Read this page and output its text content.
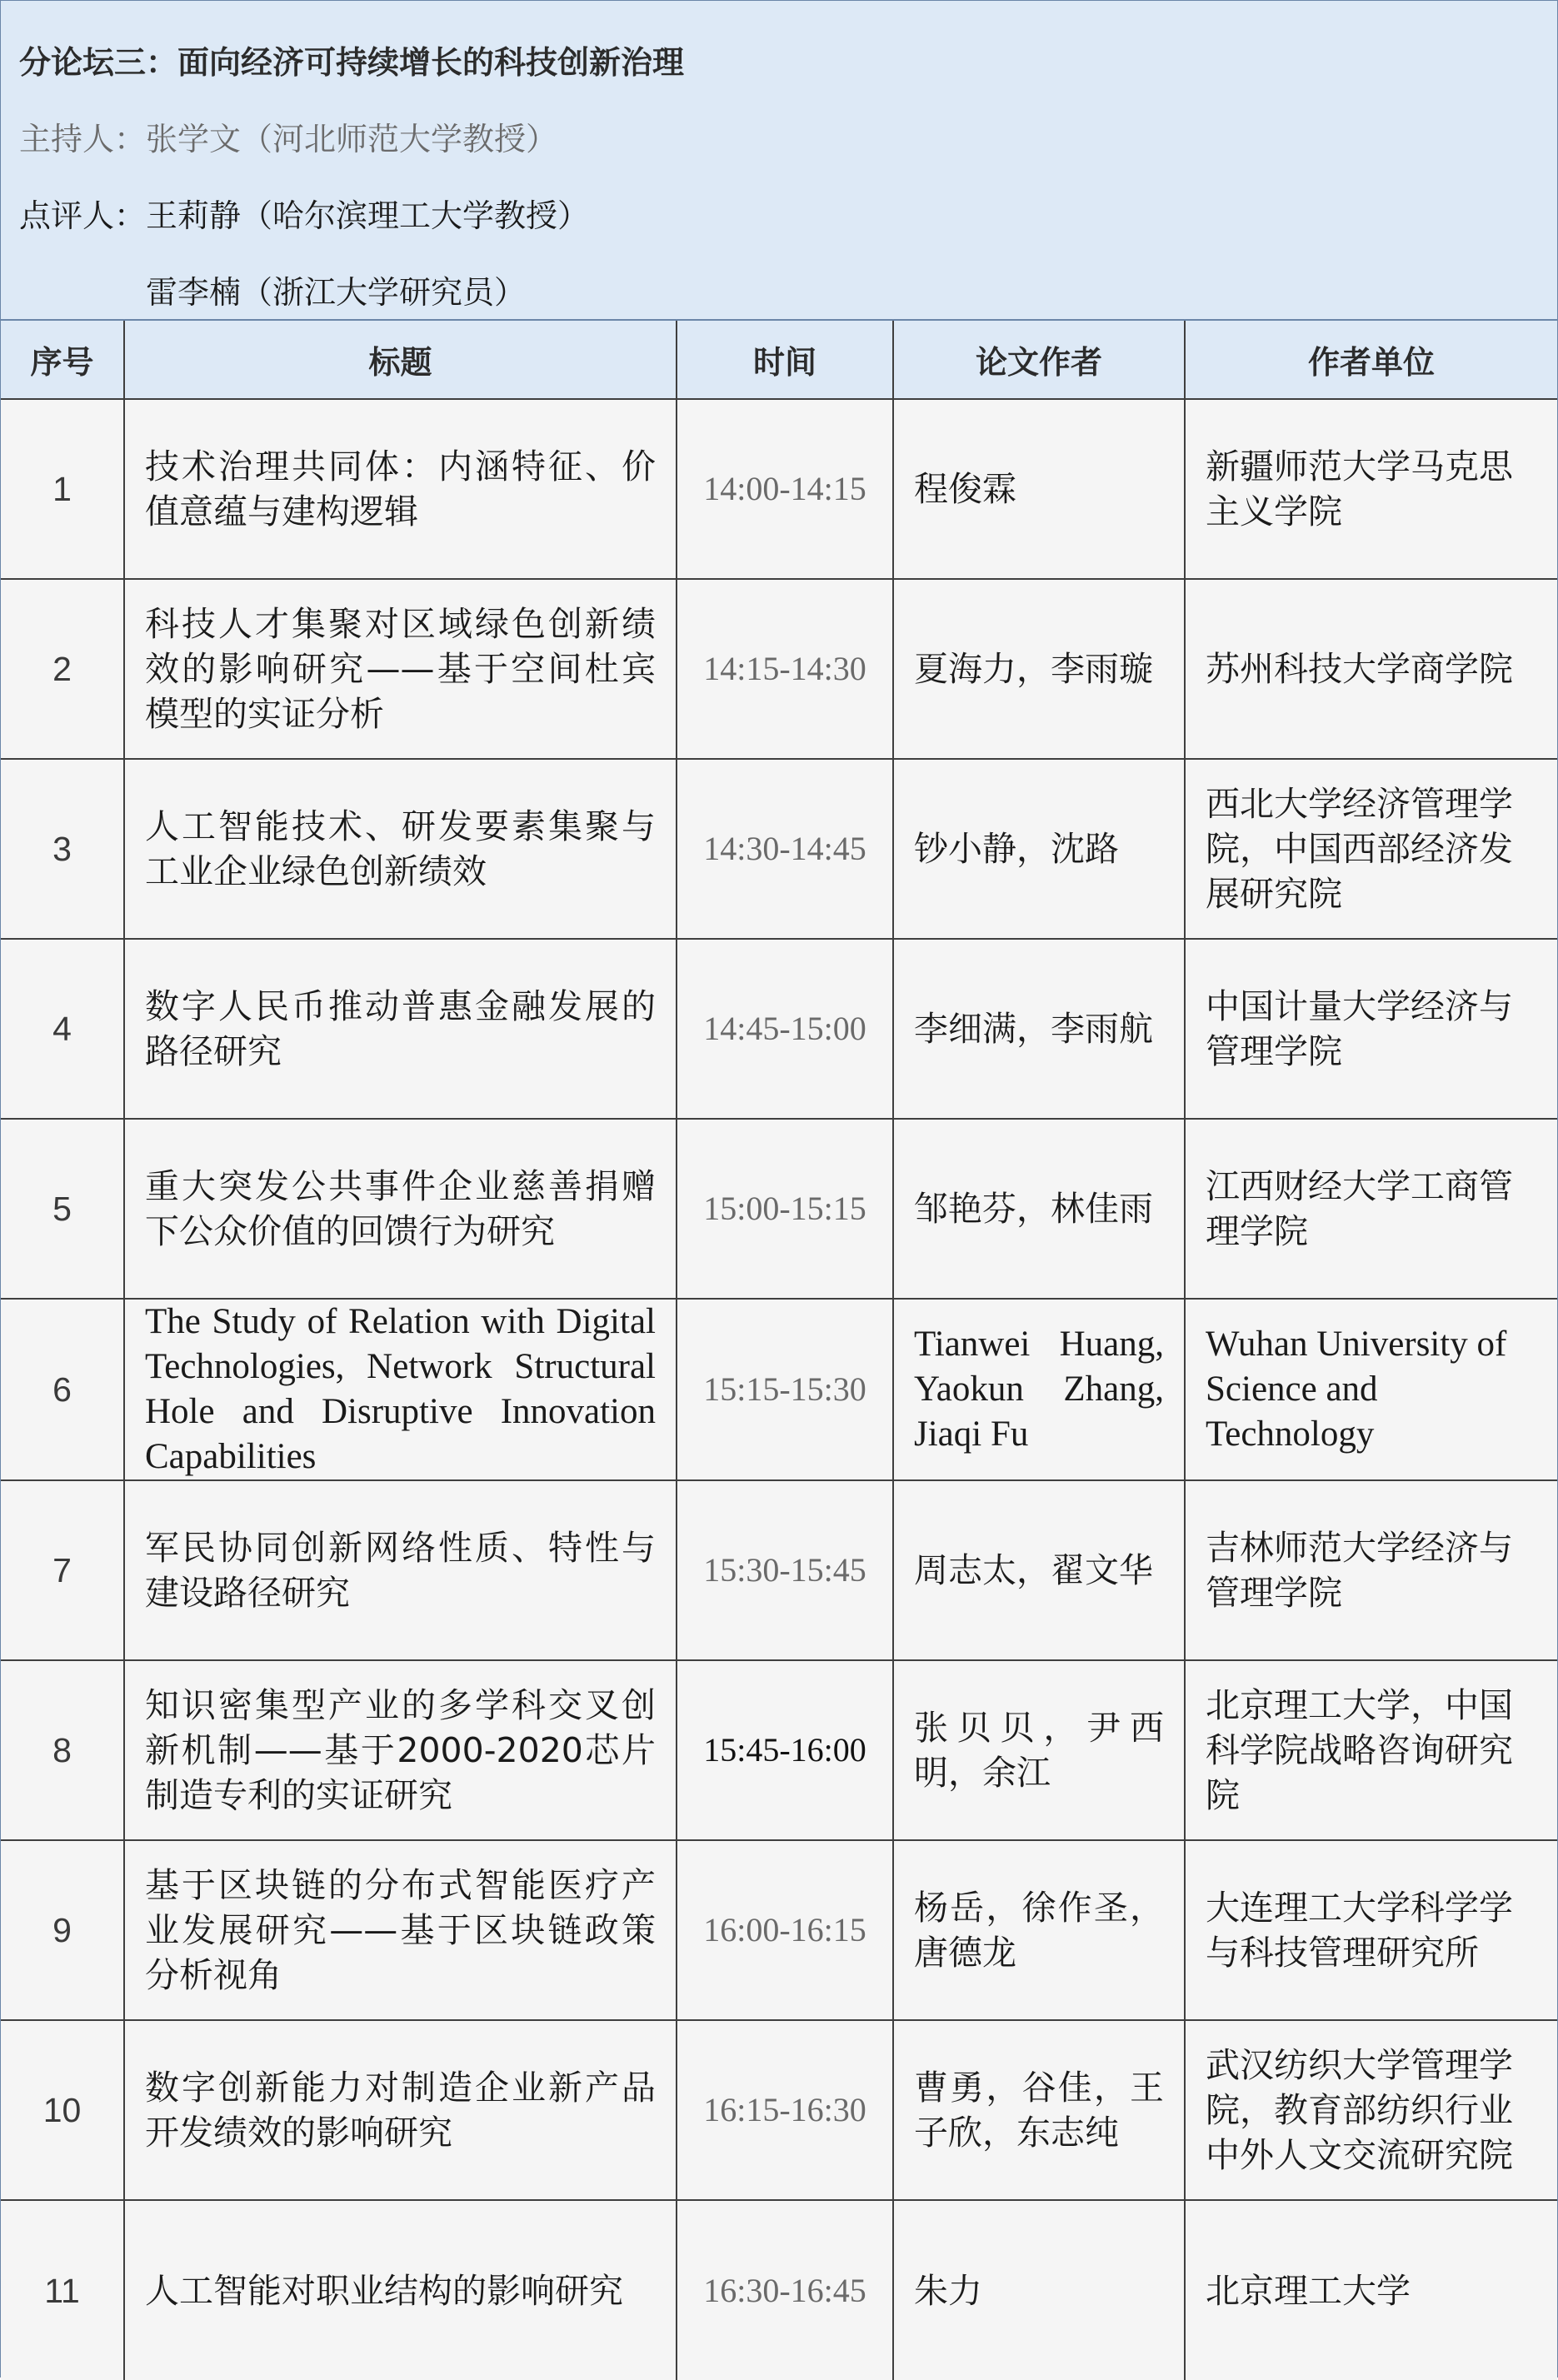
分论坛三：面向经济可持续增长的科技创新治理
主持人：张学文（河北师范大学教授）
点评人：王莉静（哈尔滨理工大学教授）
雷李楠（浙江大学研究员）
序号	标题	时间	论文作者	作者单位
1	技术治理共同体：内涵特征、价值意蕴与建构逻辑	14:00-14:15	程俊霖	新疆师范大学马克思主义学院
2	科技人才集聚对区域绿色创新绩效的影响研究——基于空间杜宾模型的实证分析	14:15-14:30	夏海力，李雨璇	苏州科技大学商学院
3	人工智能技术、研发要素集聚与工业企业绿色创新绩效	14:30-14:45	钞小静，沈路	西北大学经济管理学院，中国西部经济发展研究院
4	数字人民币推动普惠金融发展的路径研究	14:45-15:00	李细满，李雨航	中国计量大学经济与管理学院
5	重大突发公共事件企业慈善捐赠下公众价值的回馈行为研究	15:00-15:15	邹艳芬，林佳雨	江西财经大学工商管理学院
6	The Study of Relation with Digital Technologies, Network Structural Hole and Disruptive Innovation Capabilities	15:15-15:30	Tianwei Huang, Yaokun Zhang, Jiaqi Fu	Wuhan University of Science and Technology
7	军民协同创新网络性质、特性与建设路径研究	15:30-15:45	周志太，翟文华	吉林师范大学经济与管理学院
8	知识密集型产业的多学科交叉创新机制——基于2000-2020芯片制造专利的实证研究	15:45-16:00	张贝贝，尹西明，余江	北京理工大学，中国科学院战略咨询研究院
9	基于区块链的分布式智能医疗产业发展研究——基于区块链政策分析视角	16:00-16:15	杨岳，徐作圣，唐德龙	大连理工大学科学学与科技管理研究所
10	数字创新能力对制造企业新产品开发绩效的影响研究	16:15-16:30	曹勇，谷佳，王子欣，东志纯	武汉纺织大学管理学院，教育部纺织行业中外人文交流研究院
11	人工智能对职业结构的影响研究	16:30-16:45	朱力	北京理工大学
